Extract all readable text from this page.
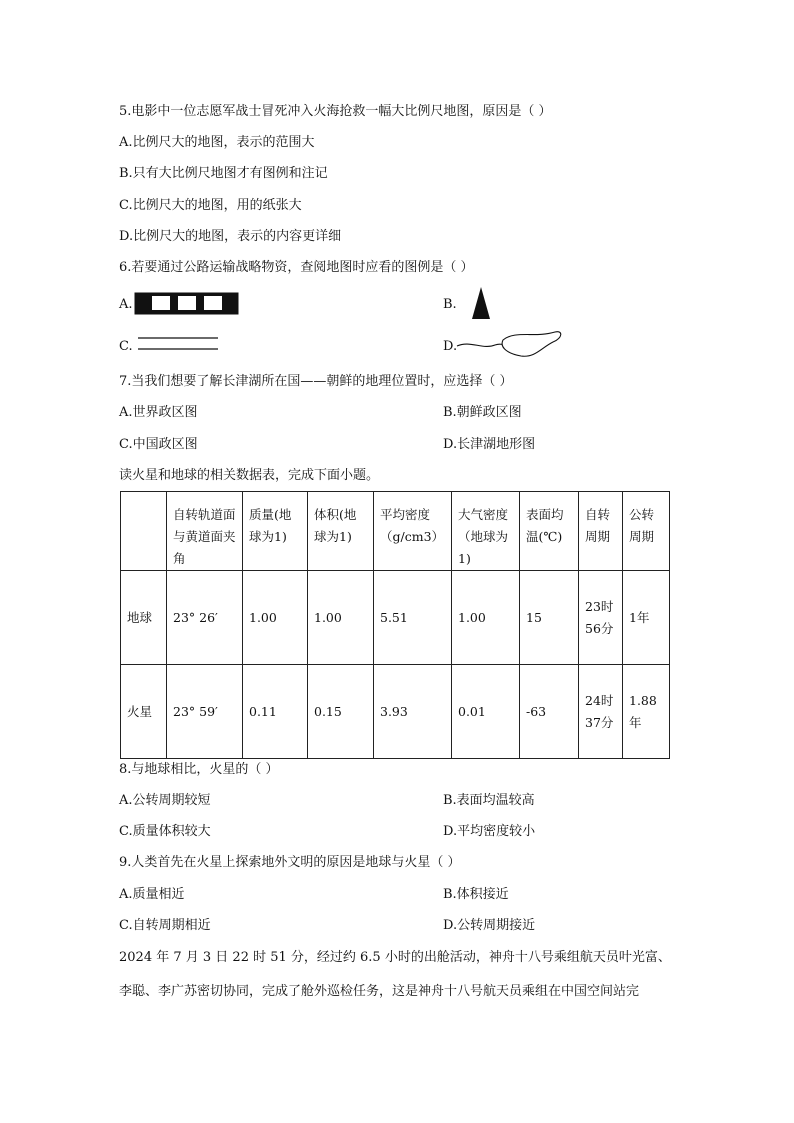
5.电影中一位志愿军战士冒死冲入火海抢救一幅大比例尺地图，原因是（ ）
A.比例尺大的地图，表示的范围大
B.只有大比例尺地图才有图例和注记
C.比例尺大的地图，用的纸张大
D.比例尺大的地图，表示的内容更详细
6.若要通过公路运输战略物资，查阅地图时应看的图例是（ ）
A.	B.
C.	D.
7.当我们想要了解长津湖所在国——朝鲜的地理位置时，应选择（ ）
A.世界政区图	B.朝鲜政区图
C.中国政区图	D.长津湖地形图
读火星和地球的相关数据表，完成下面小题。
	自转轨道面与黄道面夹角	质量(地球为1)	体积(地球为1)	平均密度（g/cm3）	大气密度（地球为1)	表面均温(℃)	自转周期	公转周期
地球	23° 26′	1.00	1.00	5.51	1.00	15	23时56分	1年
火星	23° 59′	0.11	0.15	3.93	0.01	-63	24时37分	1.88年
8.与地球相比，火星的（ ）
A.公转周期较短	B.表面均温较高
C.质量体积较大	D.平均密度较小
9.人类首先在火星上探索地外文明的原因是地球与火星（ ）
A.质量相近	B.体积接近
C.自转周期相近	D.公转周期接近
2024 年 7 月 3 日 22 时 51 分，经过约 6.5 小时的出舱活动，神舟十八号乘组航天员叶光富、
李聪、李广苏密切协同，完成了舱外巡检任务，这是神舟十八号航天员乘组在中国空间站完
